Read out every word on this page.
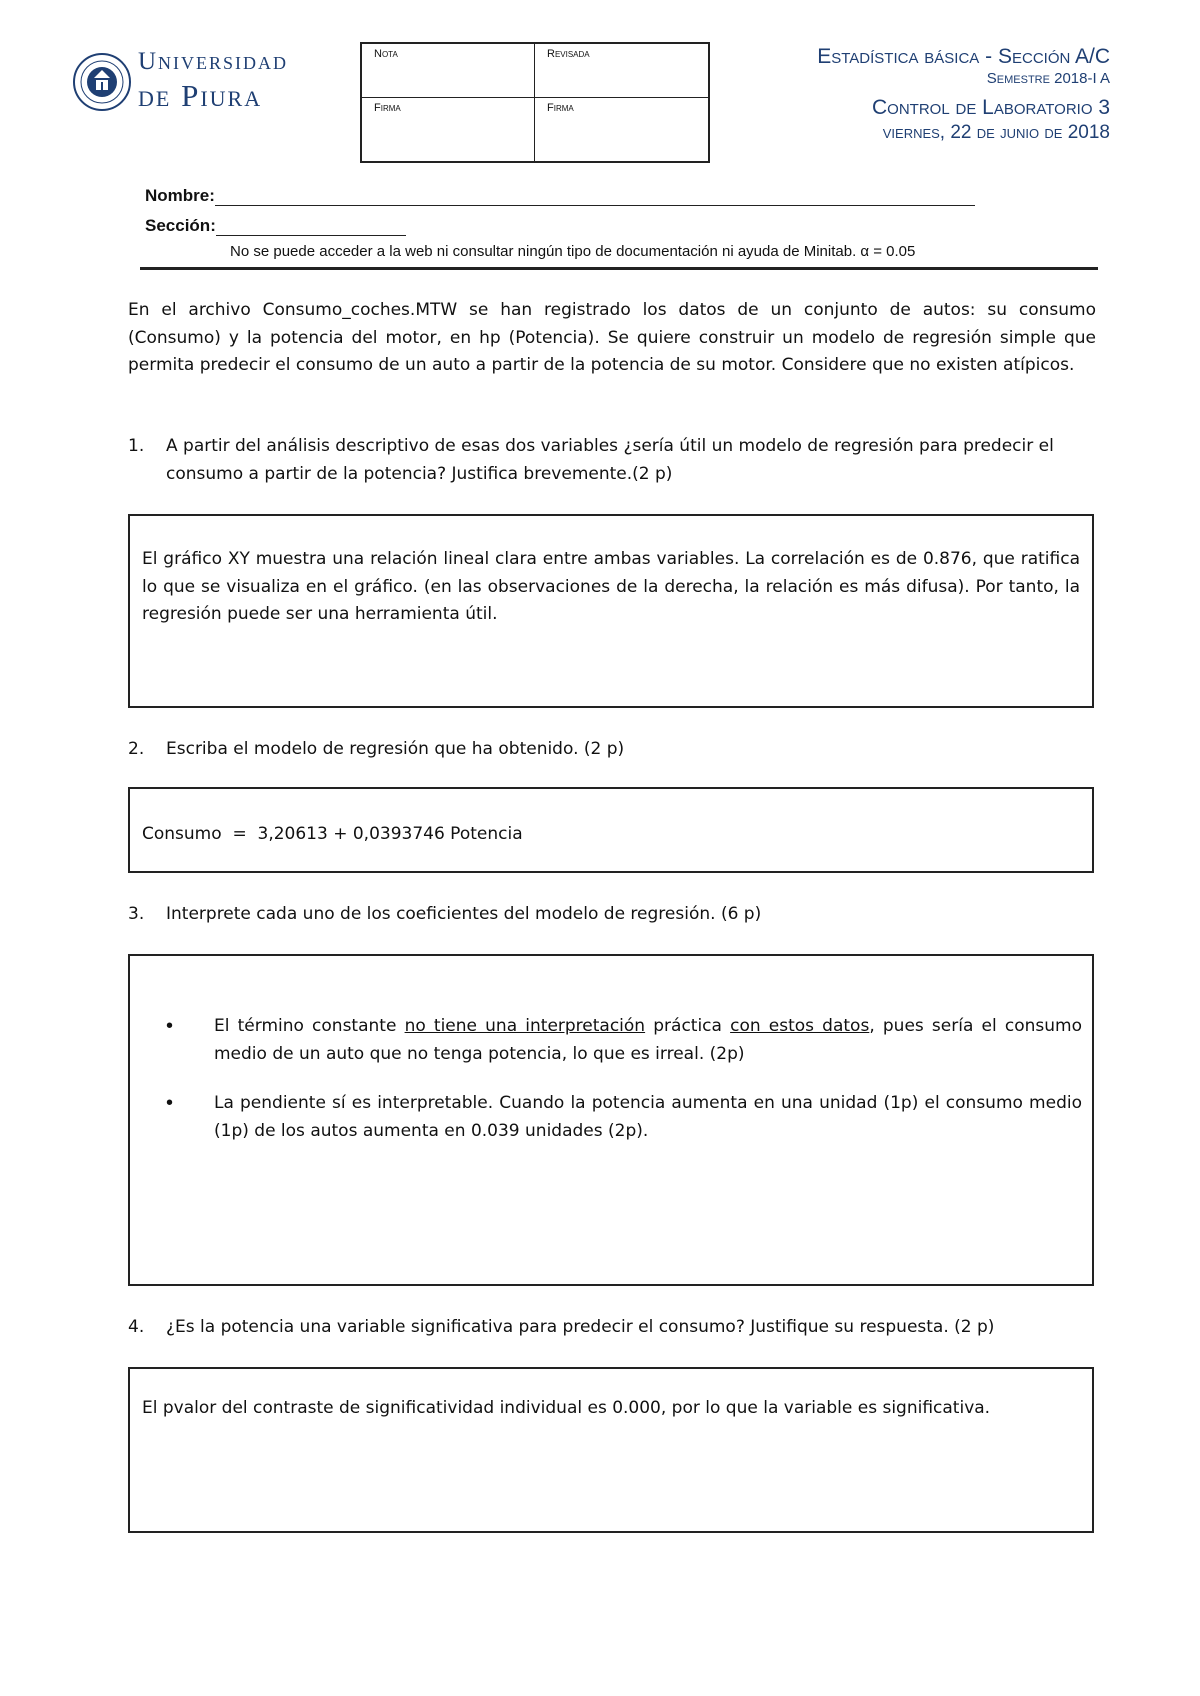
Universidad
de Piura
Nota	Revisada
Firma	Firma
Estadística básica - Sección A/C
Semestre 2018-I A
Control de Laboratorio 3
viernes, 22 de junio de 2018
Nombre:
Sección:
No se puede acceder a la web ni consultar ningún tipo de documentación ni ayuda de Minitab. α = 0.05
En el archivo Consumo_coches.MTW se han registrado los datos de un conjunto de autos: su consumo (Consumo) y la potencia del motor, en hp (Potencia). Se quiere construir un modelo de regresión simple que permita predecir el consumo de un auto a partir de la potencia de su motor. Considere que no existen atípicos.
1.	A partir del análisis descriptivo de esas dos variables ¿sería útil un modelo de regresión para predecir el consumo a partir de la potencia? Justifica brevemente.(2 p)
El gráfico XY muestra una relación lineal clara entre ambas variables. La correlación es de 0.876, que ratifica lo que se visualiza en el gráfico. (en las observaciones de la derecha, la relación es más difusa). Por tanto, la regresión puede ser una herramienta útil.
2.	Escriba el modelo de regresión que ha obtenido. (2 p)
Consumo  =  3,20613 + 0,0393746 Potencia
3.	Interprete cada uno de los coeficientes del modelo de regresión. (6 p)
•	El término constante no tiene una interpretación práctica con estos datos, pues sería el consumo medio de un auto que no tenga potencia, lo que es irreal. (2p)
•	La pendiente sí es interpretable. Cuando la potencia aumenta en una unidad (1p) el consumo medio (1p) de los autos aumenta en 0.039 unidades (2p).
4.	¿Es la potencia una variable significativa para predecir el consumo? Justifique su respuesta. (2 p)
El pvalor del contraste de significatividad individual es 0.000, por lo que la variable es significativa.
